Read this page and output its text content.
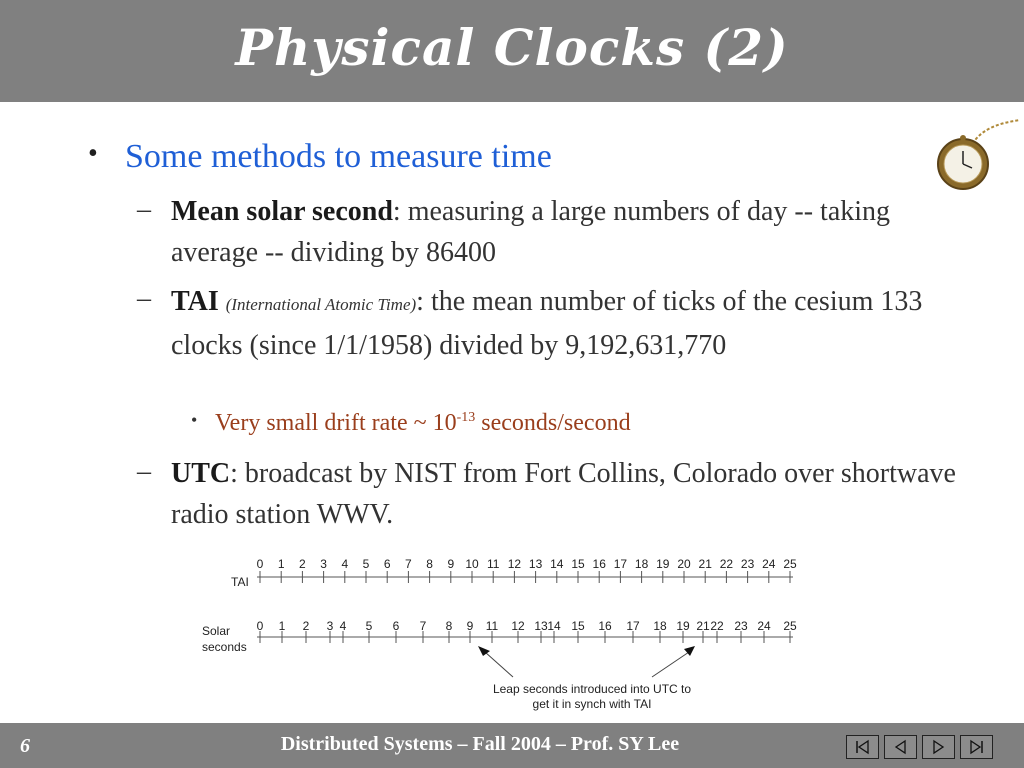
Physical Clocks (2)
• Some methods to measure time
– Mean solar second: measuring a large numbers of day -- taking average -- dividing by 86400
– TAI (International Atomic Time): the mean number of ticks of the cesium 133 clocks (since 1/1/1958) divided by 9,192,631,770
• Very small drift rate ~ $10^{-13}$ seconds/second
– UTC: broadcast by NIST from Fort Collins, Colorado over shortwave radio station WWV.
TAI
Solar
seconds
0 1 2 3 4 5 6 7 8 9 10 11 12 13 14 15 16 17 18 19 20 21 22 23 24 25
0 1 2 3 4 5 6 7 8 9 11 12 13 14 15 16 17 18 19 21 22 23 24 25
Leap seconds introduced into UTC to
get it in synch with TAI
6	Distributed Systems – Fall 2004 – Prof. SY Lee
